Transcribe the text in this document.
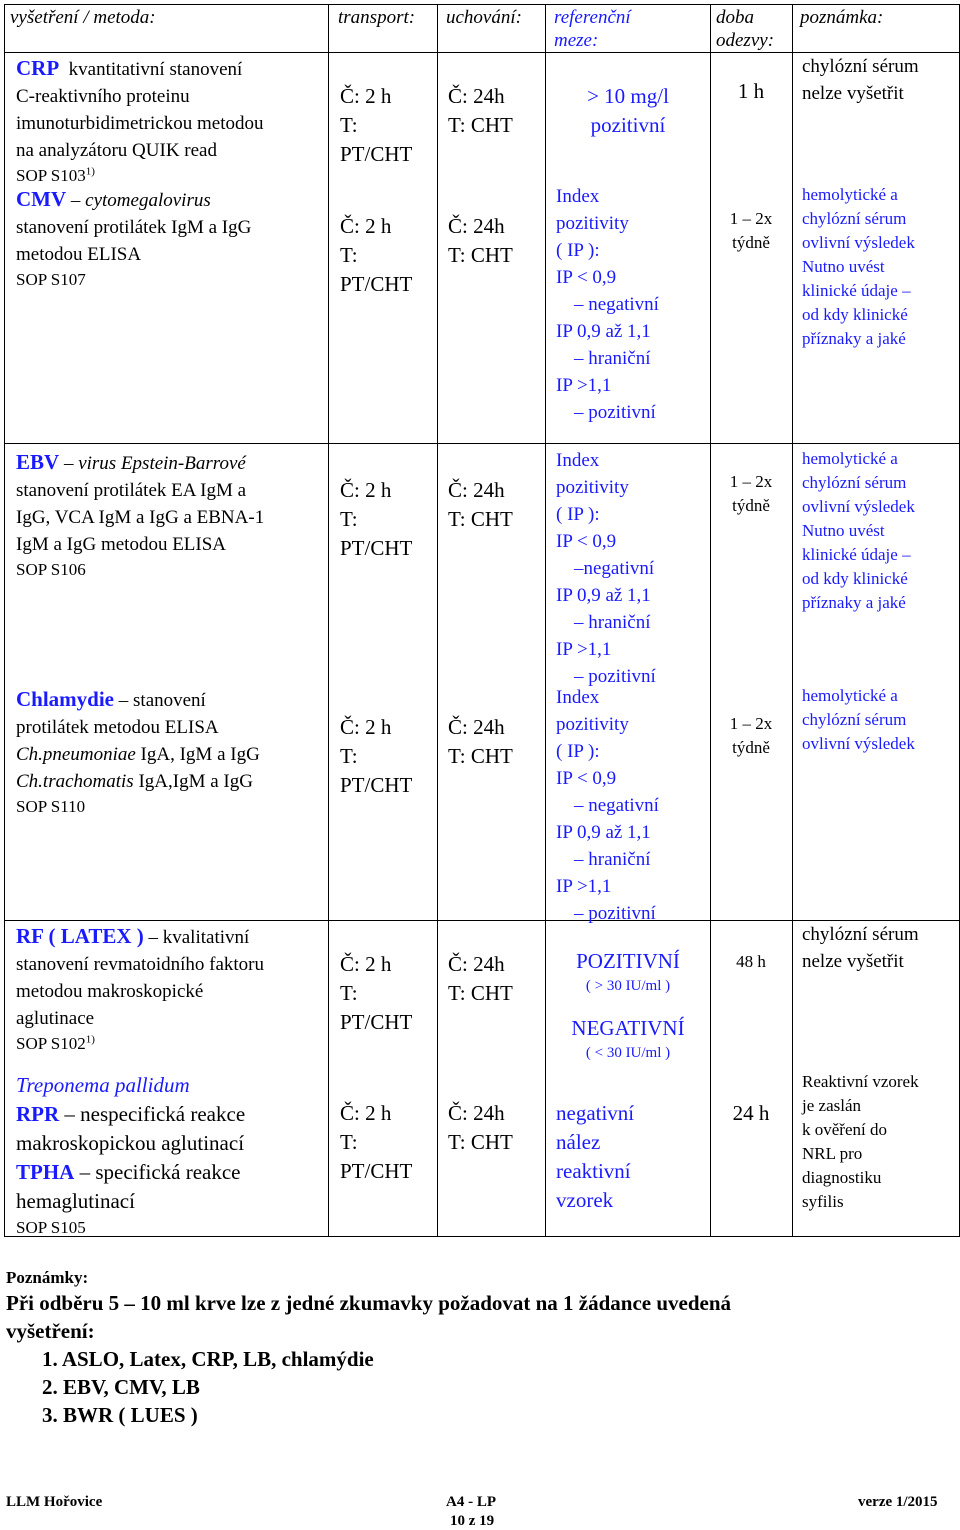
vyšetření / metoda:	transport: uchování: referenční
meze:
doba
odezvy:
poznámka:
CRP kvantitativní stanovení
C-reaktivního proteinu
imunoturbidimetrickou metodou
na analyzátoru QUIK read
SOP S103$^{1)}$
Č: 2 h
T:
PT/CHT
Č: 24h
T: CHT
> 10 mg/l
pozitivní
1 h
chylózní sérum
nelze vyšetřit
CMV – cytomegalovirus
stanovení protilátek IgM a IgG
metodou ELISA
SOP S107
Č: 2 h
T:
PT/CHT
Č: 24h
T: CHT
Index
pozitivity
( IP ):
IP < 0,9
– negativní
IP 0,9 až 1,1
– hraniční
IP >1,1
– pozitivní
1 – 2x
týdně
hemolytické a
chylózní sérum
ovlivní výsledek
Nutno uvést
klinické údaje –
od kdy klinické
příznaky a jaké
EBV – virus Epstein-Barrové
stanovení protilátek EA IgM a
IgG, VCA IgM a IgG a EBNA-1
IgM a IgG metodou ELISA
SOP S106
Č: 2 h
T:
PT/CHT
Č: 24h
T: CHT
Index
pozitivity
( IP ):
IP < 0,9
–negativní
IP 0,9 až 1,1
– hraniční
IP >1,1
– pozitivní
1 – 2x
týdně
hemolytické a
chylózní sérum
ovlivní výsledek
Nutno uvést
klinické údaje –
od kdy klinické
příznaky a jaké
Chlamydie – stanovení
protilátek metodou ELISA
Ch.pneumoniae IgA, IgM a IgG
Ch.trachomatis IgA,IgM a IgG
SOP S110
Č: 2 h
T:
PT/CHT
Č: 24h
T: CHT
Index
pozitivity
( IP ):
IP < 0,9
– negativní
IP 0,9 až 1,1
– hraniční
IP >1,1
– pozitivní
1 – 2x
týdně
hemolytické a
chylózní sérum
ovlivní výsledek
RF ( LATEX ) – kvalitativní
stanovení revmatoidního faktoru
metodou makroskopické
aglutinace
SOP S102$^{1)}$
Č: 2 h
T:
PT/CHT
Č: 24h
T: CHT
POZITIVNÍ
( > 30 IU/ml )
NEGATIVNÍ
( < 30 IU/ml )
48 h
chylózní sérum
nelze vyšetřit
Treponema pallidum
RPR – nespecifická reakce
makroskopickou aglutinací
TPHA – specifická reakce
hemaglutinací
SOP S105
Č: 2 h
T:
PT/CHT
Č: 24h
T: CHT
negativní
nález
reaktivní
vzorek
24 h
Reaktivní vzorek
je zaslán
k ověření do
NRL pro
diagnostiku
syfilis
Poznámky:
Při odběru 5 – 10 ml krve lze z jedné zkumavky požadovat na 1 žádance uvedená
vyšetření:
1. ASLO, Latex, CRP, LB, chlamýdie
2. EBV, CMV, LB
3. BWR ( LUES )
LLM Hořovice	A4 - LP
10 z 19
verze 1/2015
